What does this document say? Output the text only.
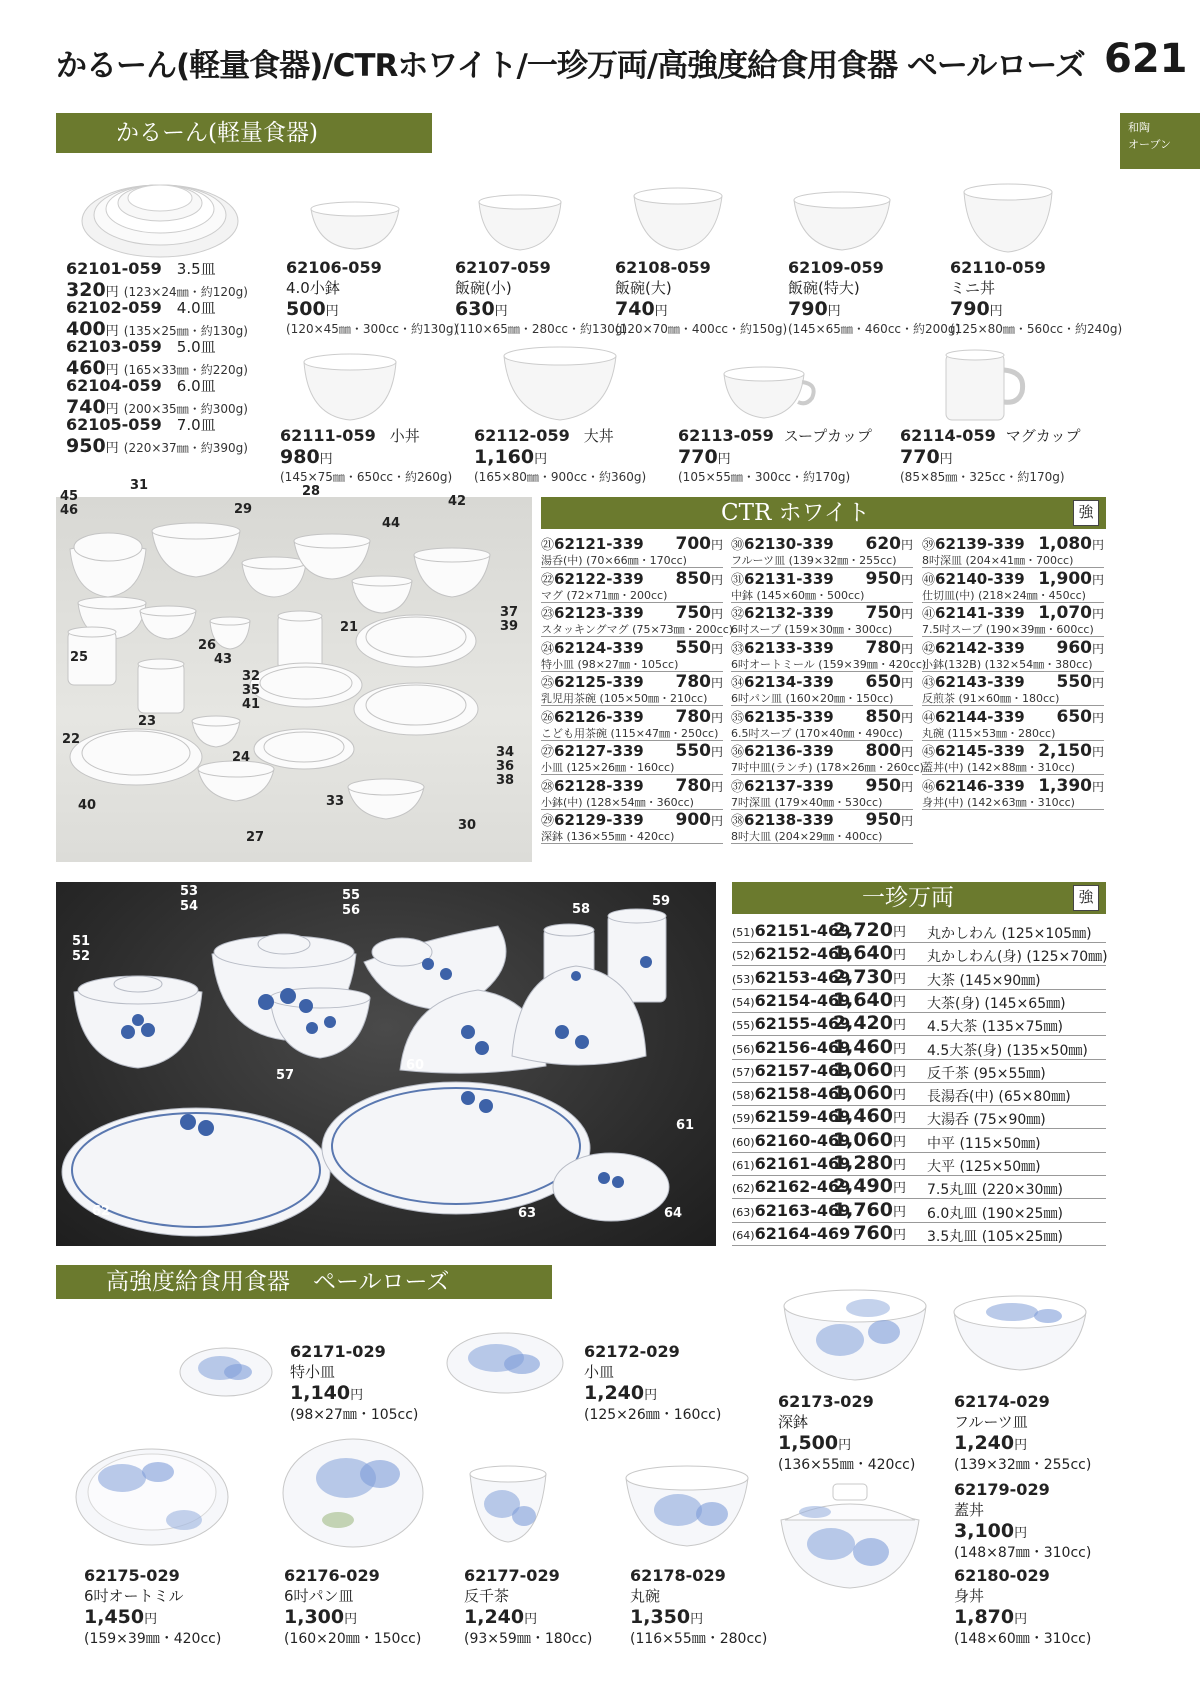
かるーん(軽量食器)/CTRホワイト/一珍万両/高強度給食用食器 ペールローズ 621
和陶
オーブン
かるーん(軽量食器)
62101-059 3.5皿
320円 (123×24㎜・約120g)
62102-059 4.0皿
400円 (135×25㎜・約130g)
62103-059 5.0皿
460円 (165×33㎜・約220g)
62104-059 6.0皿
740円 (200×35㎜・約300g)
62105-059 7.0皿
950円 (220×37㎜・約390g)
62106-059
4.0小鉢
500円
(120×45㎜・300cc・約130g)
62107-059
飯碗(小)
630円
(110×65㎜・280cc・約130g)
62108-059
飯碗(大)
740円
(120×70㎜・400cc・約150g)
62109-059
飯碗(特大)
790円
(145×65㎜・460cc・約200g)
62110-059
ミニ丼
790円
(125×80㎜・560cc・約240g)
62111-059 小丼
980円
(145×75㎜・650cc・約260g)
62112-059 大丼
1,160円
(165×80㎜・900cc・約360g)
62113-059 スープカップ
770円
(105×55㎜・300cc・約170g)
62114-059 マグカップ
770円
(85×85㎜・325cc・約170g)
31	28
45
46	29
42
44
37
39
21
25
26
43
32
35
41
22
23
24	34
36
38
40	33
27
30
CTR ホワイト	強
㉑62121-339 700円
湯呑(中) (70×66㎜・170cc)
㉒62122-339 850円
マグ (72×71㎜・200cc)
㉓62123-339 750円
スタッキングマグ (75×73㎜・200cc)
㉔62124-339 550円
特小皿 (98×27㎜・105cc)
㉕62125-339 780円
乳児用茶碗 (105×50㎜・210cc)
㉖62126-339 780円
こども用茶碗 (115×47㎜・250cc)
㉗62127-339 550円
小皿 (125×26㎜・160cc)
㉘62128-339 780円
小鉢(中) (128×54㎜・360cc)
㉙62129-339 900円
深鉢 (136×55㎜・420cc)
㉚62130-339 620円
フルーツ皿 (139×32㎜・255cc)
㉛62131-339 950円
中鉢 (145×60㎜・500cc)
㉜62132-339 750円
6吋スープ (159×30㎜・300cc)
㉝62133-339 780円
6吋オートミール (159×39㎜・420cc)
㉞62134-339 650円
6吋パン皿 (160×20㎜・150cc)
㉟62135-339 850円
6.5吋スープ (170×40㎜・490cc)
㊱62136-339 800円
7吋中皿(ランチ) (178×26㎜・260cc)
㊲62137-339 950円
7吋深皿 (179×40㎜・530cc)
㊳62138-339 950円
8吋大皿 (204×29㎜・400cc)
㊴62139-339 1,080円
8吋深皿 (204×41㎜・700cc)
㊵62140-339 1,900円
仕切皿(中) (218×24㎜・450cc)
㊶62141-339 1,070円
7.5吋スープ (190×39㎜・600cc)
㊷62142-339 960円
小鉢(132B) (132×54㎜・380cc)
㊸62143-339 550円
反煎茶 (91×60㎜・180cc)
㊹62144-339 650円
丸碗 (115×53㎜・280cc)
㊺62145-339 2,150円
蓋丼(中) (142×88㎜・310cc)
㊻62146-339 1,390円
身丼(中) (142×63㎜・310cc)
53
54
55
56	58
59
51
52
57
60
61
62	63	64
一珍万両	強
(51)62151-469
2,720円 丸かしわん (125×105㎜)
(52)62152-469
1,640円 丸かしわん(身) (125×70㎜)
(53)62153-469
2,730円 大茶 (145×90㎜)
(54)62154-469
1,640円 大茶(身) (145×65㎜)
(55)62155-469
2,420円 4.5大茶 (135×75㎜)
(56)62156-469
1,460円 4.5大茶(身) (135×50㎜)
(57)62157-469
1,060円 反千茶 (95×55㎜)
(58)62158-469
1,060円 長湯呑(中) (65×80㎜)
(59)62159-469
1,460円 大湯呑 (75×90㎜)
(60)62160-469
1,060円 中平 (115×50㎜)
(61)62161-469
1,280円 大平 (125×50㎜)
(62)62162-469
2,490円 7.5丸皿 (220×30㎜)
(63)62163-469
1,760円 6.0丸皿 (190×25㎜)
(64)62164-469 760円 3.5丸皿 (105×25㎜)
高強度給食用食器　ペールローズ
62171-029
特小皿
1,140円
(98×27㎜・105cc)
62172-029
小皿
1,240円
(125×26㎜・160cc)
62173-029
深鉢
1,500円
(136×55㎜・420cc)
62174-029
フルーツ皿
1,240円
(139×32㎜・255cc)
62175-029
6吋オートミル
1,450円
(159×39㎜・420cc)
62176-029
6吋パン皿
1,300円
(160×20㎜・150cc)
62177-029
反千茶
1,240円
(93×59㎜・180cc)
62178-029
丸碗
1,350円
(116×55㎜・280cc)
62179-029
蓋丼
3,100円
(148×87㎜・310cc)
62180-029
身丼
1,870円
(148×60㎜・310cc)
